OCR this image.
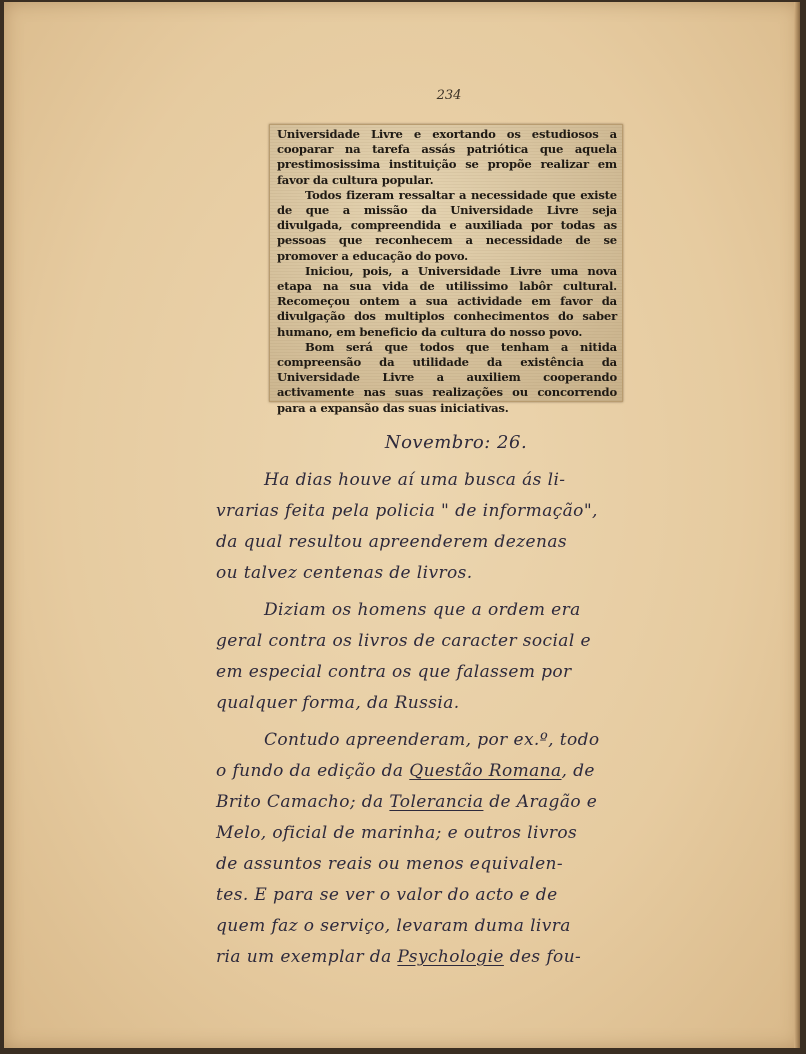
234

Universidade Livre e exortando os estudiosos a cooparar na tarefa assás patriótica que aquela prestimosissima instituição se propõe realizar em favor da cultura popular.

Todos fizeram ressaltar a necessidade que existe de que a missão da Universidade Livre seja divulgada, compreendida e auxiliada por todas as pessoas que reconhecem a necessidade de se promover a educação do povo.

Iniciou, pois, a Universidade Livre uma nova etapa na sua vida de utilissimo labôr cultural. Recomeçou ontem a sua actividade em favor da divulgação dos multiplos conhecimentos do saber humano, em beneficio da cultura do nosso povo.

Bom será que todos que tenham a nitida compreensão da utilidade da existência da Universidade Livre a auxiliem cooperando activamente nas suas realizações ou concorrendo para a expansão das suas iniciativas.

Novembro: 26.
Ha dias houve aí uma busca ás li-
vrarias feita pela policia " de informação",
da qual resultou apreenderem dezenas
ou talvez centenas de livros.
Diziam os homens que a ordem era
geral contra os livros de caracter social e
em especial contra os que falassem por
qualquer forma, da Russia.
Contudo apreenderam, por ex.º, todo
o fundo da edição da Questão Romana, de
Brito Camacho; da Tolerancia de Aragão e
Melo, oficial de marinha; e outros livros
de assuntos reais ou menos equivalen-
tes. E para se ver o valor do acto e de
quem faz o serviço, levaram duma livra
ria um exemplar da Psychologie des fou-
